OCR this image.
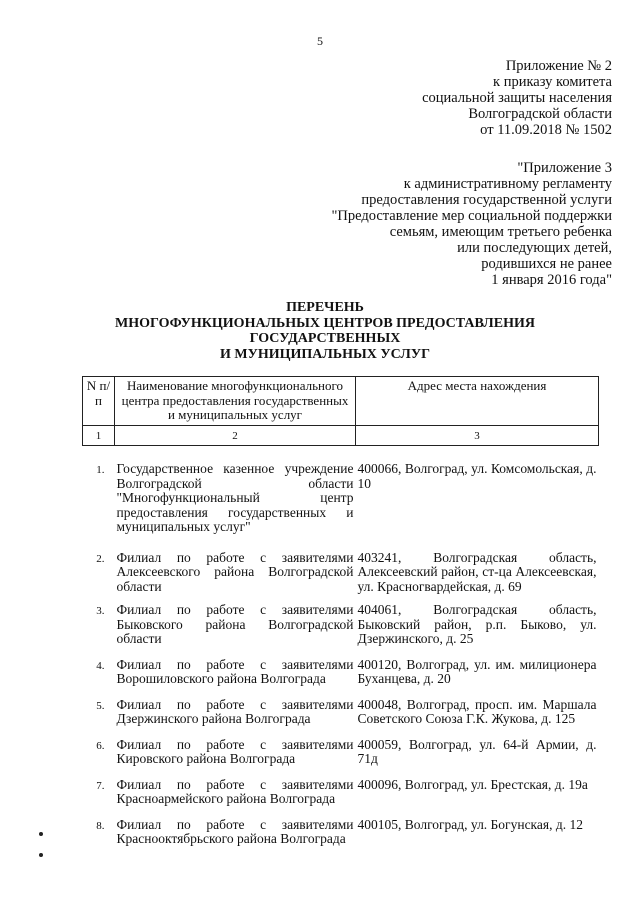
5
Приложение № 2
к приказу комитета
социальной защиты населения
Волгоградской области
от 11.09.2018 № 1502
"Приложение 3
к административному регламенту
предоставления государственной услуги
"Предоставление мер социальной поддержки
семьям, имеющим третьего ребенка
или последующих детей,
родившихся не ранее
1 января 2016 года"
ПЕРЕЧЕНЬ
МНОГОФУНКЦИОНАЛЬНЫХ ЦЕНТРОВ ПРЕДОСТАВЛЕНИЯ
ГОСУДАРСТВЕННЫХ
И МУНИЦИПАЛЬНЫХ УСЛУГ
N п/п	Наименование многофункционального центра предоставления государственных и муниципальных услуг	Адрес места нахождения
1	2	3

1.	Государственное казенное учреждение Волгоградской области "Многофункциональный центр предоставления государственных и муниципальных услуг"	400066, Волгоград, ул. Комсомольская, д. 10

2.	Филиал по работе с заявителями Алексеевского района Волгоградской области	403241, Волгоградская область, Алексеевский район, ст-ца Алексеевская, ул. Красногвардейская, д. 69

3.	Филиал по работе с заявителями Быковского района Волгоградской области	404061, Волгоградская область, Быковский район, р.п. Быково, ул. Дзержинского, д. 25

4.	Филиал по работе с заявителями Ворошиловского района Волгограда	400120, Волгоград, ул. им. милиционера Буханцева, д. 20

5.	Филиал по работе с заявителями Дзержинского района Волгограда	400048, Волгоград, просп. им. Маршала Советского Союза Г.К. Жукова, д. 125

6.	Филиал по работе с заявителями Кировского района Волгограда	400059, Волгоград, ул. 64-й Армии, д. 71д

7.	Филиал по работе с заявителями Красноармейского района Волгограда	400096, Волгоград, ул. Брестская, д. 19а

8.	Филиал по работе с заявителями Краснооктябрьского района Волгограда	400105, Волгоград, ул. Богунская, д. 12
